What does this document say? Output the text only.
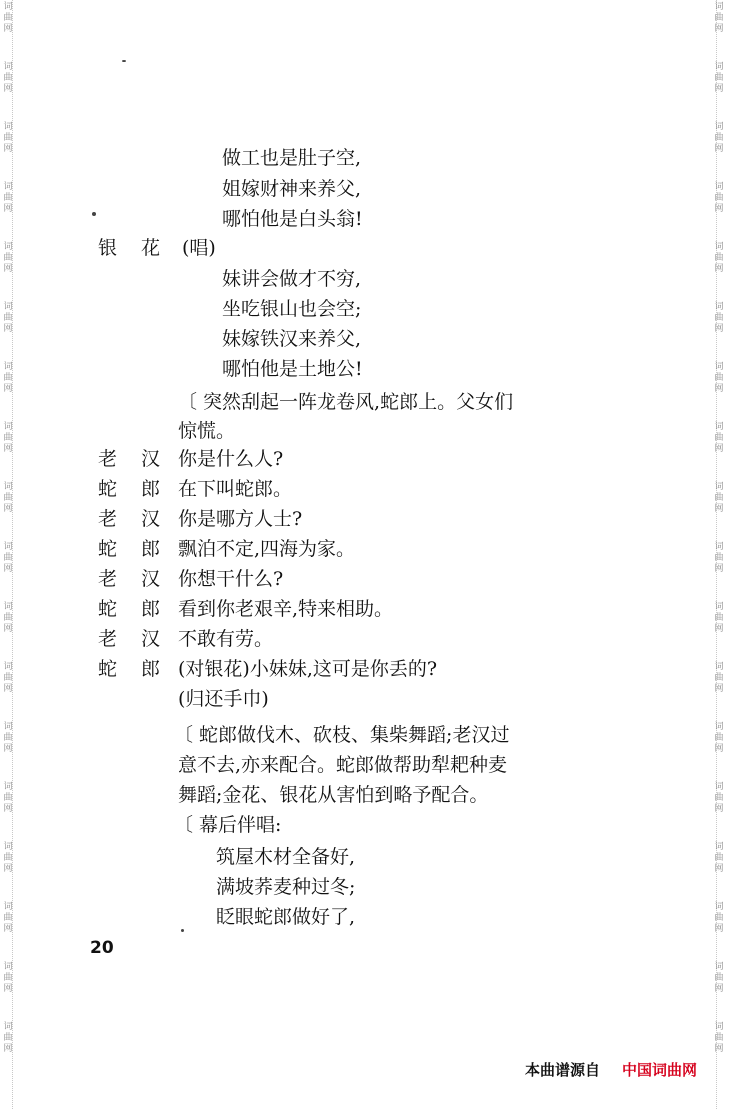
词
曲
网
词
曲
网
词
曲
网
词
曲
网
词
曲
网
词
曲
网
词
曲
网
词
曲
网
词
曲
网
词
曲
网
词
曲
网
词
曲
网
词
曲
网
词
曲
网
词
曲
网
词
曲
网
词
曲
网
词
曲
网
词
曲
网
词
曲
网
词
曲
网
词
曲
网
词
曲
网
词
曲
网
词
曲
网
词
曲
网
词
曲
网
词
曲
网
词
曲
网
词
曲
网
词
曲
网
词
曲
网
词
曲
网
词
曲
网
词
曲
网
词
曲
网
做工也是肚子空,
姐嫁财神来养父,
哪怕他是白头翁!
银 花 (唱)
妹讲会做才不穷,
坐吃银山也会空;
妹嫁铁汉来养父,
哪怕他是土地公!
〔 突然刮起一阵龙卷风,蛇郎上。父女们
惊慌。
老 汉 你是什么人?
蛇 郎 在下叫蛇郎。
老 汉 你是哪方人士?
蛇 郎 飘泊不定,四海为家。
老 汉 你想干什么?
蛇 郎 看到你老艰辛,特来相助。
老 汉 不敢有劳。
蛇 郎 (对银花)小妹妹,这可是你丢的?
(归还手巾)
〔 蛇郎做伐木、砍枝、集柴舞蹈;老汉过
意不去,亦来配合。蛇郎做帮助犁耙种麦
舞蹈;金花、银花从害怕到略予配合。
〔 幕后伴唱:
筑屋木材全备好,
满坡荞麦种过冬;
眨眼蛇郎做好了,
20
本曲谱源自 中国词曲网
